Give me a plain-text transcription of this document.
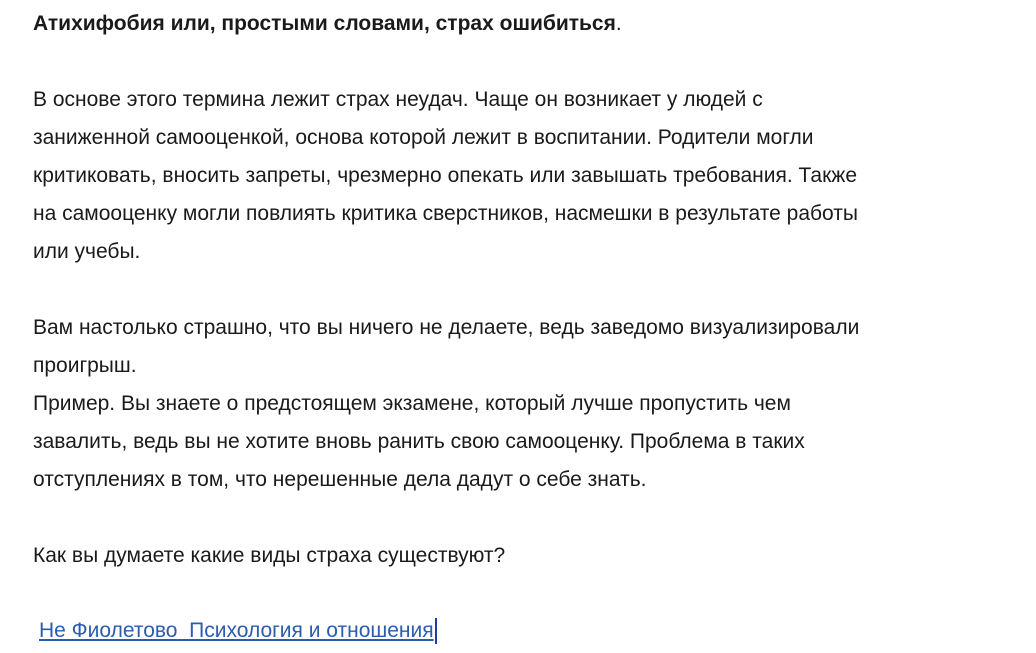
Атихифобия или, простыми словами, страх ошибиться.

В основе этого термина лежит страх неудач. Чаще он возникает у людей с
заниженной самооценкой, основа которой лежит в воспитании. Родители могли
критиковать, вносить запреты, чрезмерно опекать или завышать требования. Также
на самооценку могли повлиять критика сверстников, насмешки в результате работы
или учебы.

Вам настолько страшно, что вы ничего не делаете, ведь заведомо визуализировали
проигрыш.

Пример. Вы знаете о предстоящем экзамене, который лучше пропустить чем
завалить, ведь вы не хотите вновь ранить свою самооценку. Проблема в таких
отступлениях в том, что нерешенные дела дадут о себе знать.

Как вы думаете какие виды страха существуют?

Не Фиолетово  Психология и отношения
